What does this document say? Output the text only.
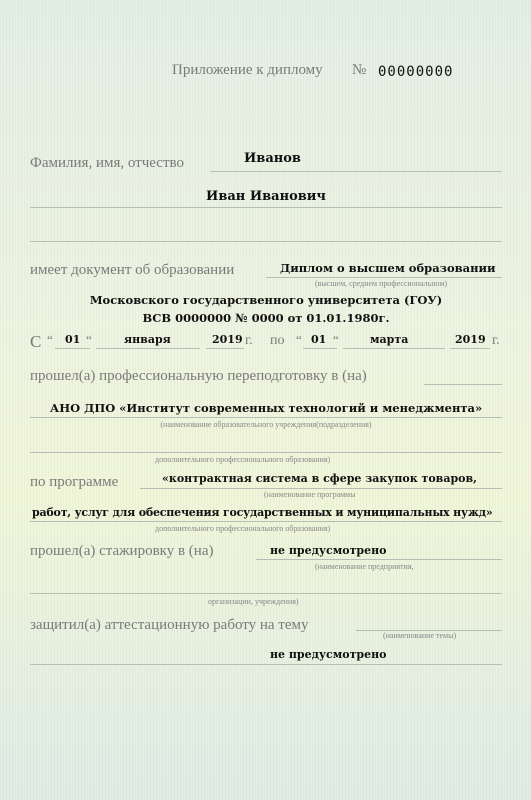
Приложение к диплому № 00000000
Фамилия, имя, отчество	Иванов
Иван Иванович
имеет документ об образовании	Диплом о высшем образовании
(высшем, среднем профессиональном)
Московского государственного университета (ГОУ)
ВСВ 0000000 № 0000 от 01.01.1980г.
С “ 01 “	января	2019 г. по “ 01 “	марта	2019 г.
прошел(а) профессиональную переподготовку в (на)
АНО ДПО «Институт современных технологий и менеджмента»
(наименование образовательного учреждения(подразделения)
дополнительного профессионального образования)
по программе	«контрактная система в сфере закупок товаров,
(наименование программы
работ, услуг для обеспечения государственных и муниципальных нужд»
дополнительного профессионального образования)
прошел(а) стажировку в (на)	не предусмотрено
(наименование предприятия,
организации, учреждения)
защитил(а) аттестационную работу на тему
(наименование темы)
не предусмотрено
